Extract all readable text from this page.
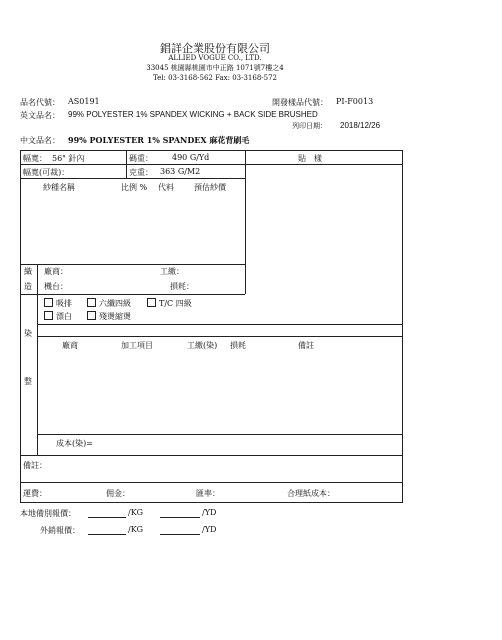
錩詳企業股份有限公司
ALLIED VOGUE CO., LTD.
33045 桃園縣桃園市中正路 1071號7樓之4
Tel: 03-3168-562 Fax: 03-3168-572
品名代號： AS0191	開發樣品代號： PI-F0013
英文品名： 99% POLYESTER 1% SPANDEX WICKING + BACK SIDE BRUSHED
列印日期： 2018/12/26
中文品名： 99% POLYESTER 1% SPANDEX 麻花背刷毛
幅寬： 56" 針內	碼重： 490 G/Yd	貼　樣
幅寬(可裁)：	克重： 363 G/M2
紗種名稱	比例 % 代料	預估紗價
織
造
廠商：	工繳：
機台：	損耗：
吸排	六纖四級	T/C 四級
漂白	殘燙縮燙
染
整
廠商	加工項目	工繳(染) 損耗	備註
成本(染)=
備註：
運費：	佣金：	匯率：	合理紙成本：
本地備別報價：	/KG	/YD
外銷報價：	/KG	/YD
